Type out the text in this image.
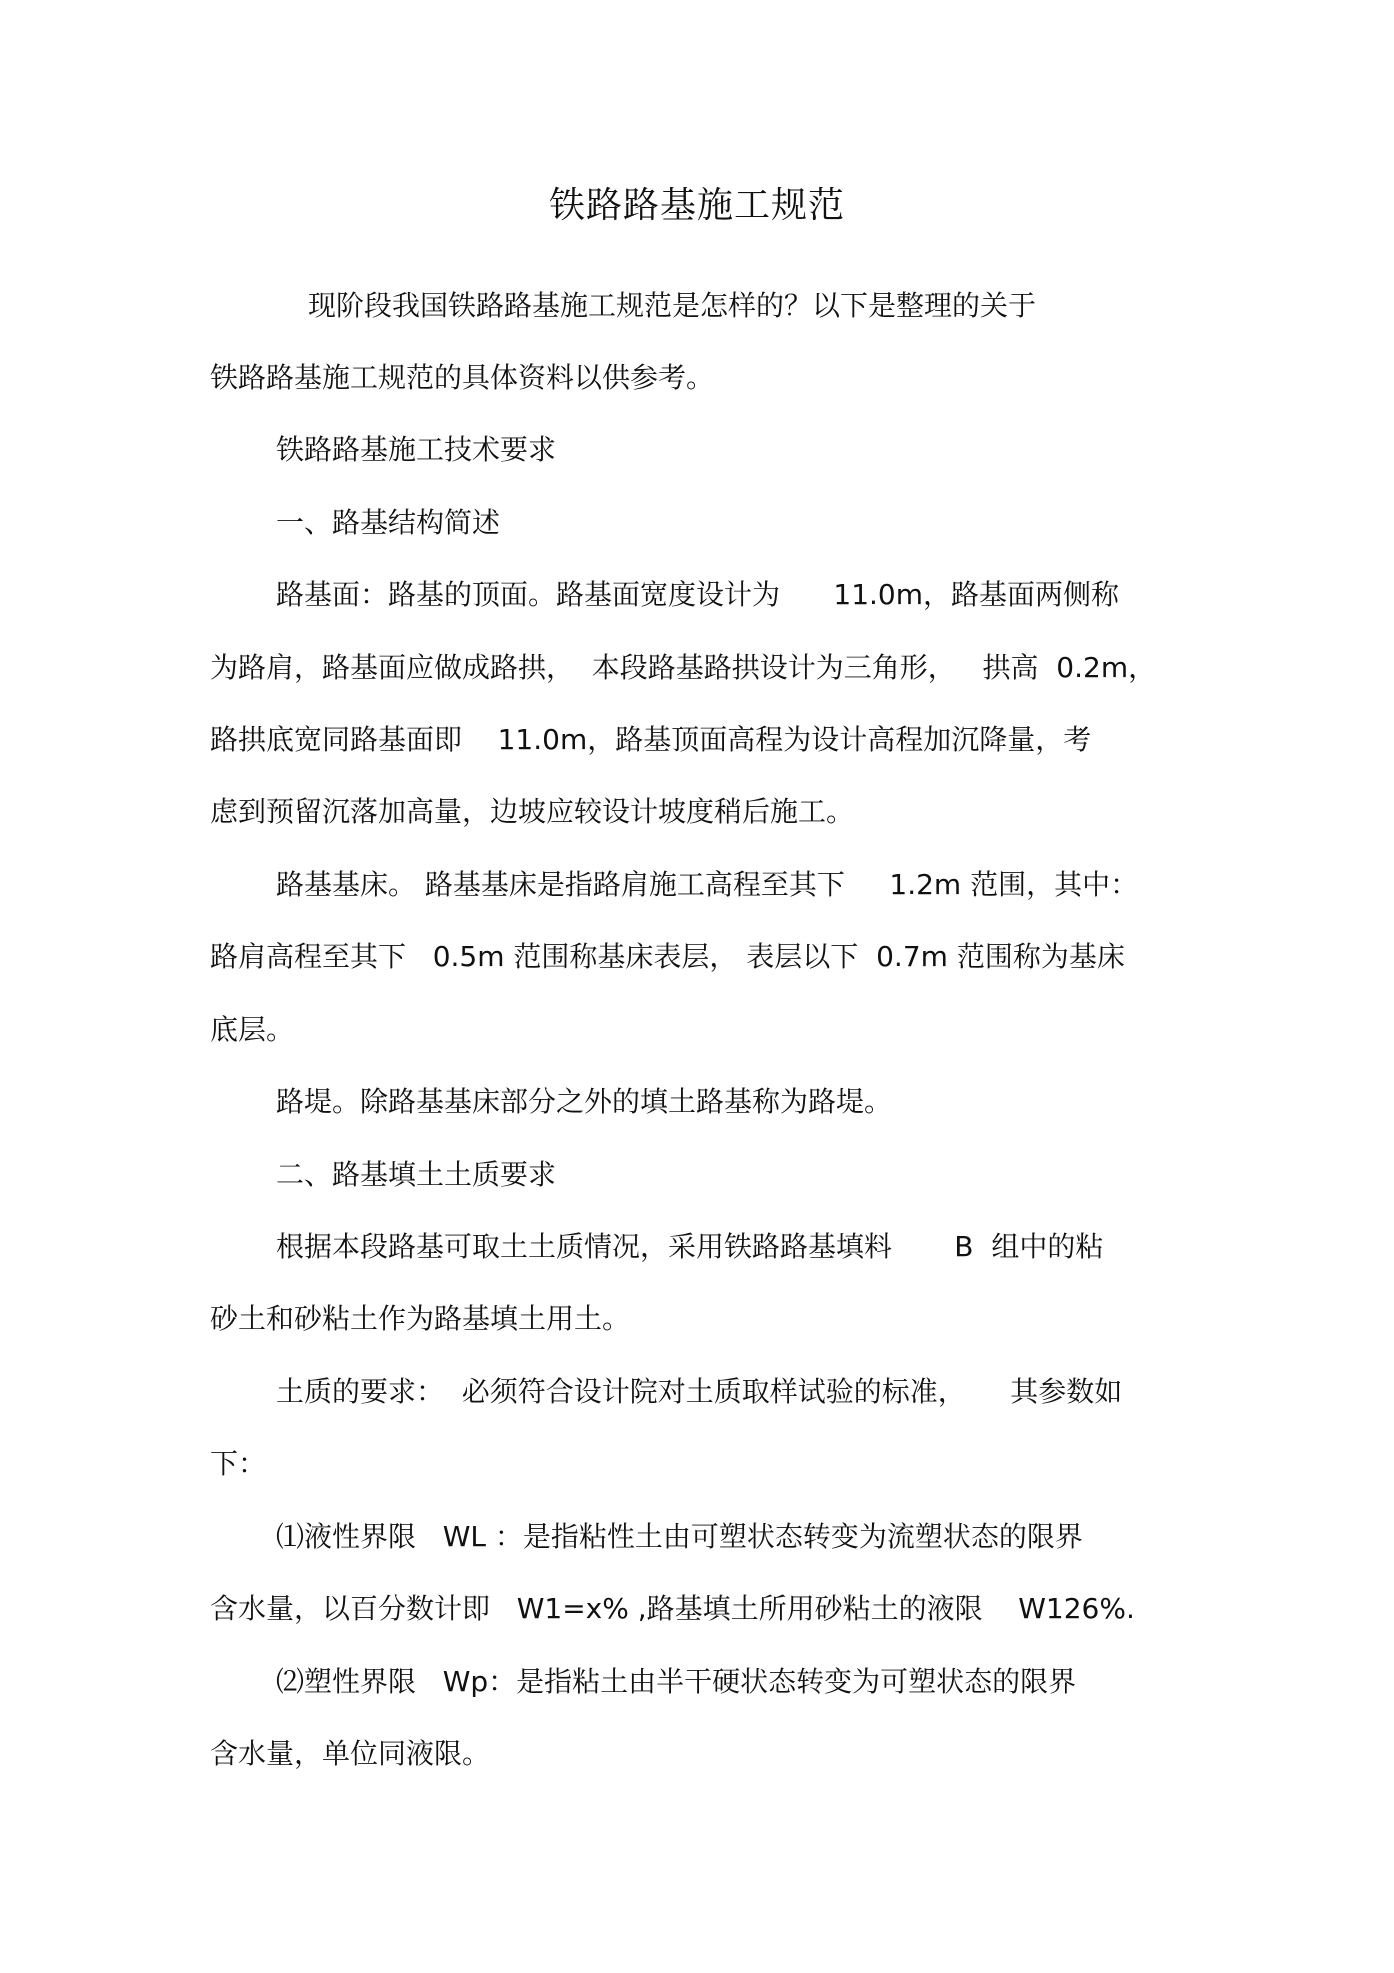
铁路路基施工规范
现阶段我国铁路路基施工规范是怎样的？以下是整理的关于
铁路路基施工规范的具体资料以供参考。
铁路路基施工技术要求
一、路基结构简述
路基面：路基的顶面。路基面宽度设计为      11.0m，路基面两侧称
为路肩，路基面应做成路拱，  本段路基路拱设计为三角形，   拱高  0.2m，
路拱底宽同路基面即    11.0m，路基顶面高程为设计高程加沉降量，考
虑到预留沉落加高量，边坡应较设计坡度稍后施工。
路基基床。 路基基床是指路肩施工高程至其下     1.2m 范围，其中：
路肩高程至其下   0.5m 范围称基床表层， 表层以下  0.7m 范围称为基床
底层。
路堤。除路基基床部分之外的填土路基称为路堤。
二、路基填土土质要求
根据本段路基可取土土质情况，采用铁路路基填料       B  组中的粘
砂土和砂粘土作为路基填土用土。
土质的要求：  必须符合设计院对土质取样试验的标准，     其参数如
下：
⑴液性界限   WL ：是指粘性土由可塑状态转变为流塑状态的限界
含水量，以百分数计即   W1=x% ,路基填土所用砂粘土的液限    W126%.
⑵塑性界限   Wp：是指粘土由半干硬状态转变为可塑状态的限界
含水量，单位同液限。
